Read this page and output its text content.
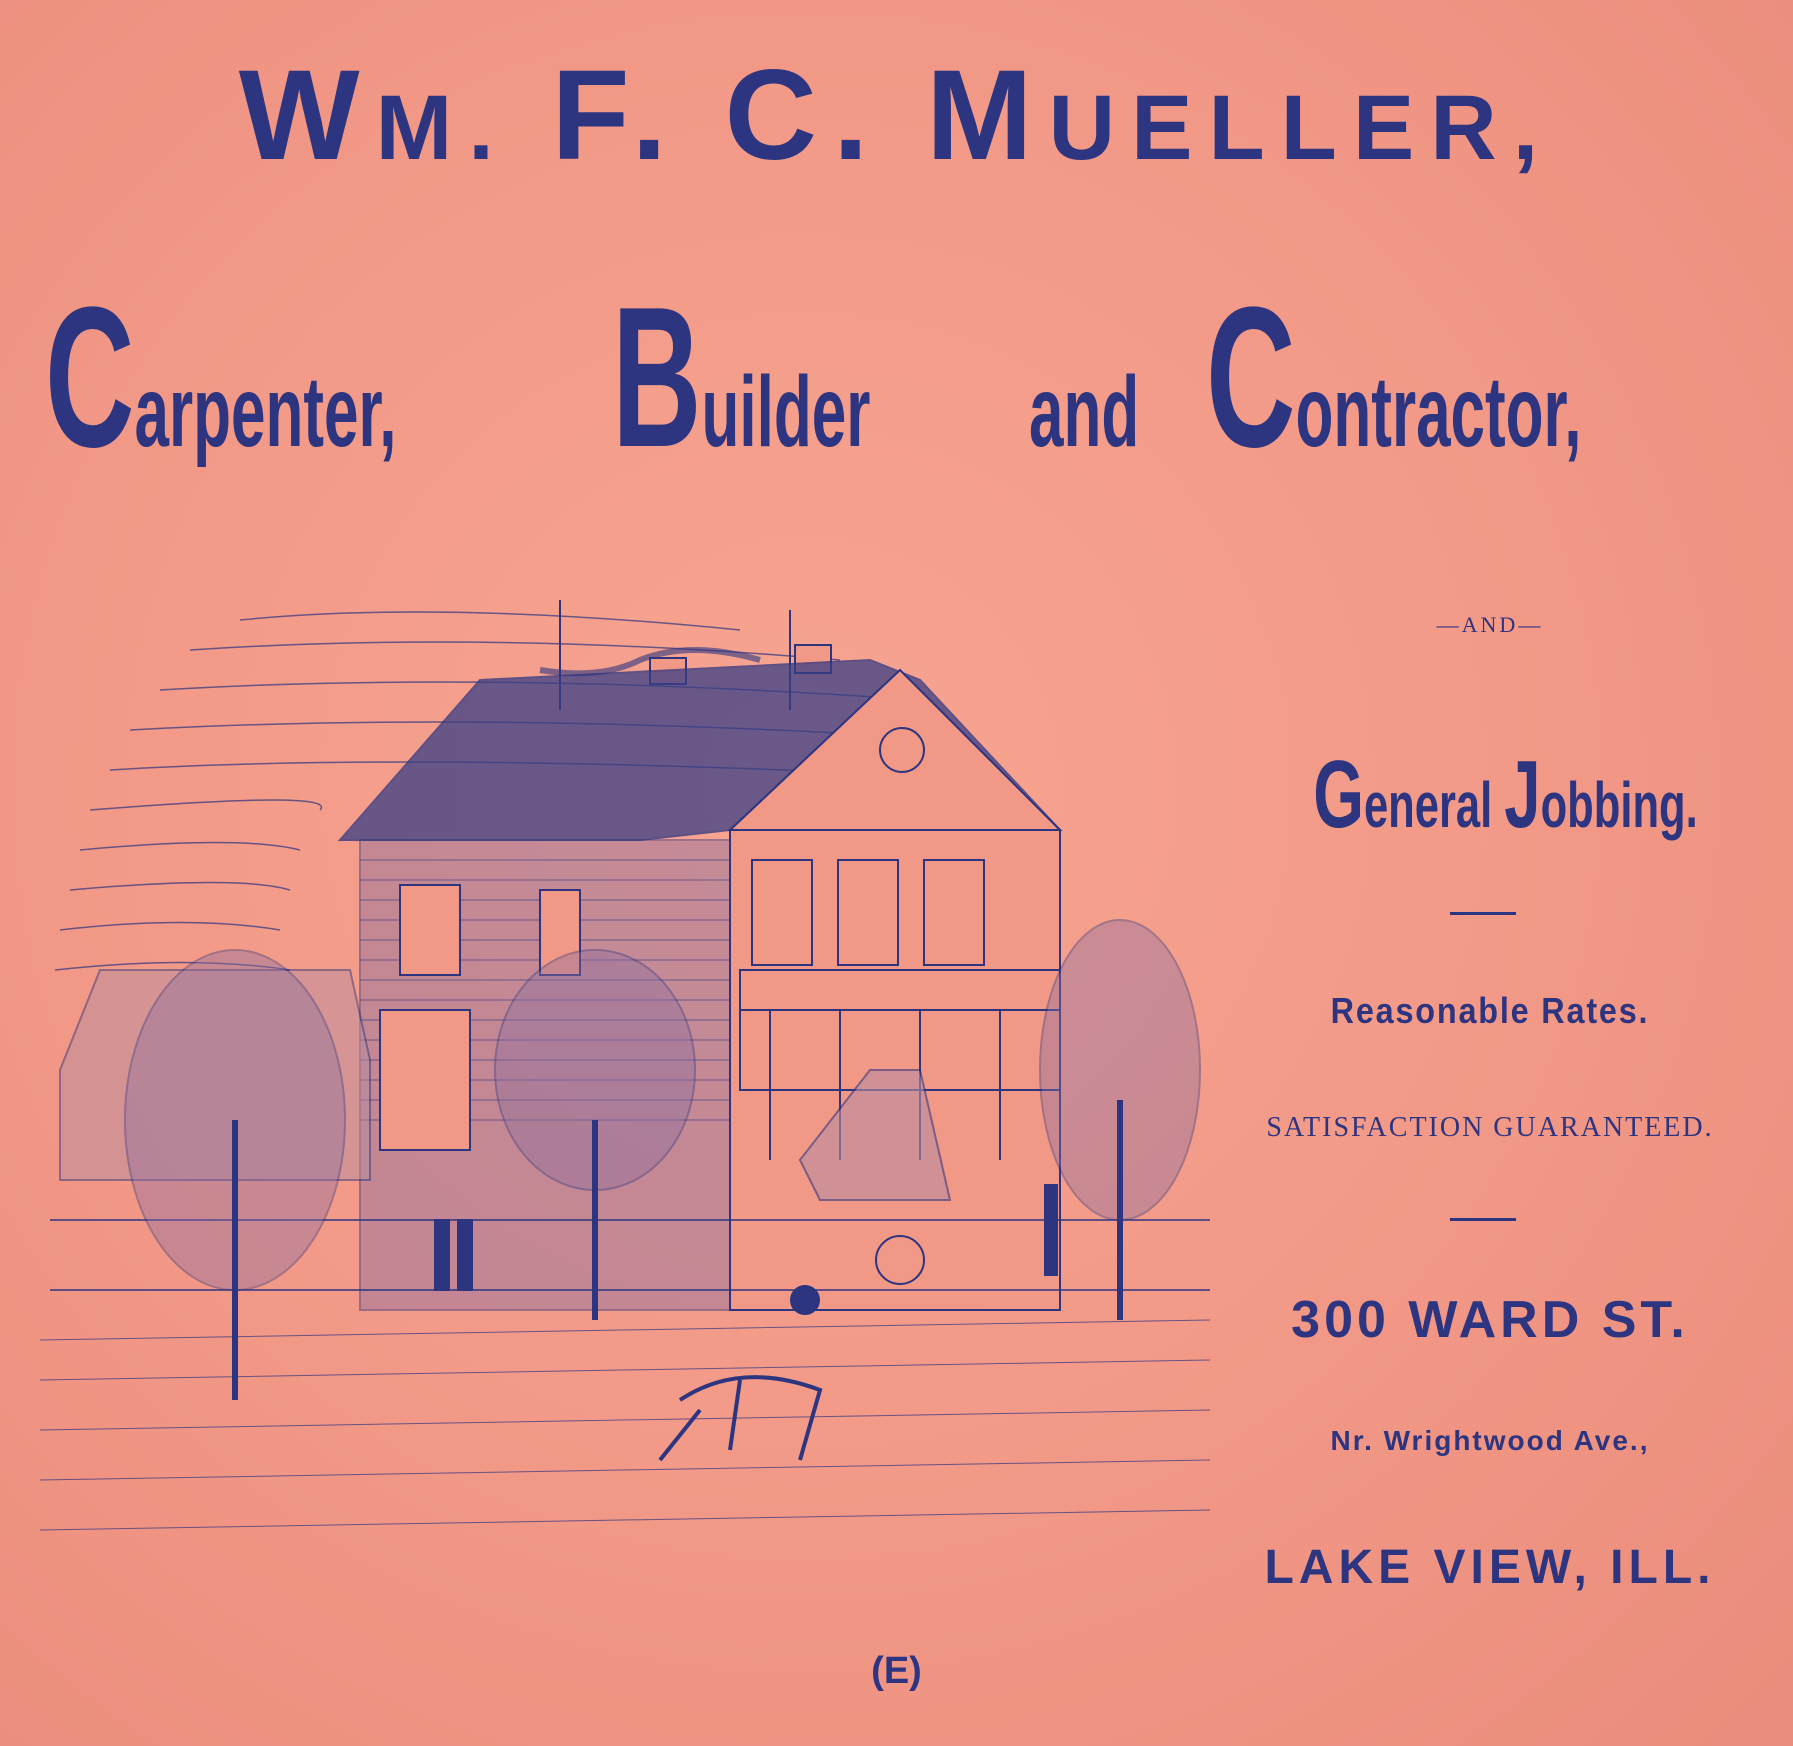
WM. F. C. MUELLER,
Carpenter, Builder and Contractor,
—AND—
General Jobbing.
Reasonable Rates.
SATISFACTION GUARANTEED.
300 WARD ST.
Nr. Wrightwood Ave.,
LAKE VIEW, ILL.
(E)
